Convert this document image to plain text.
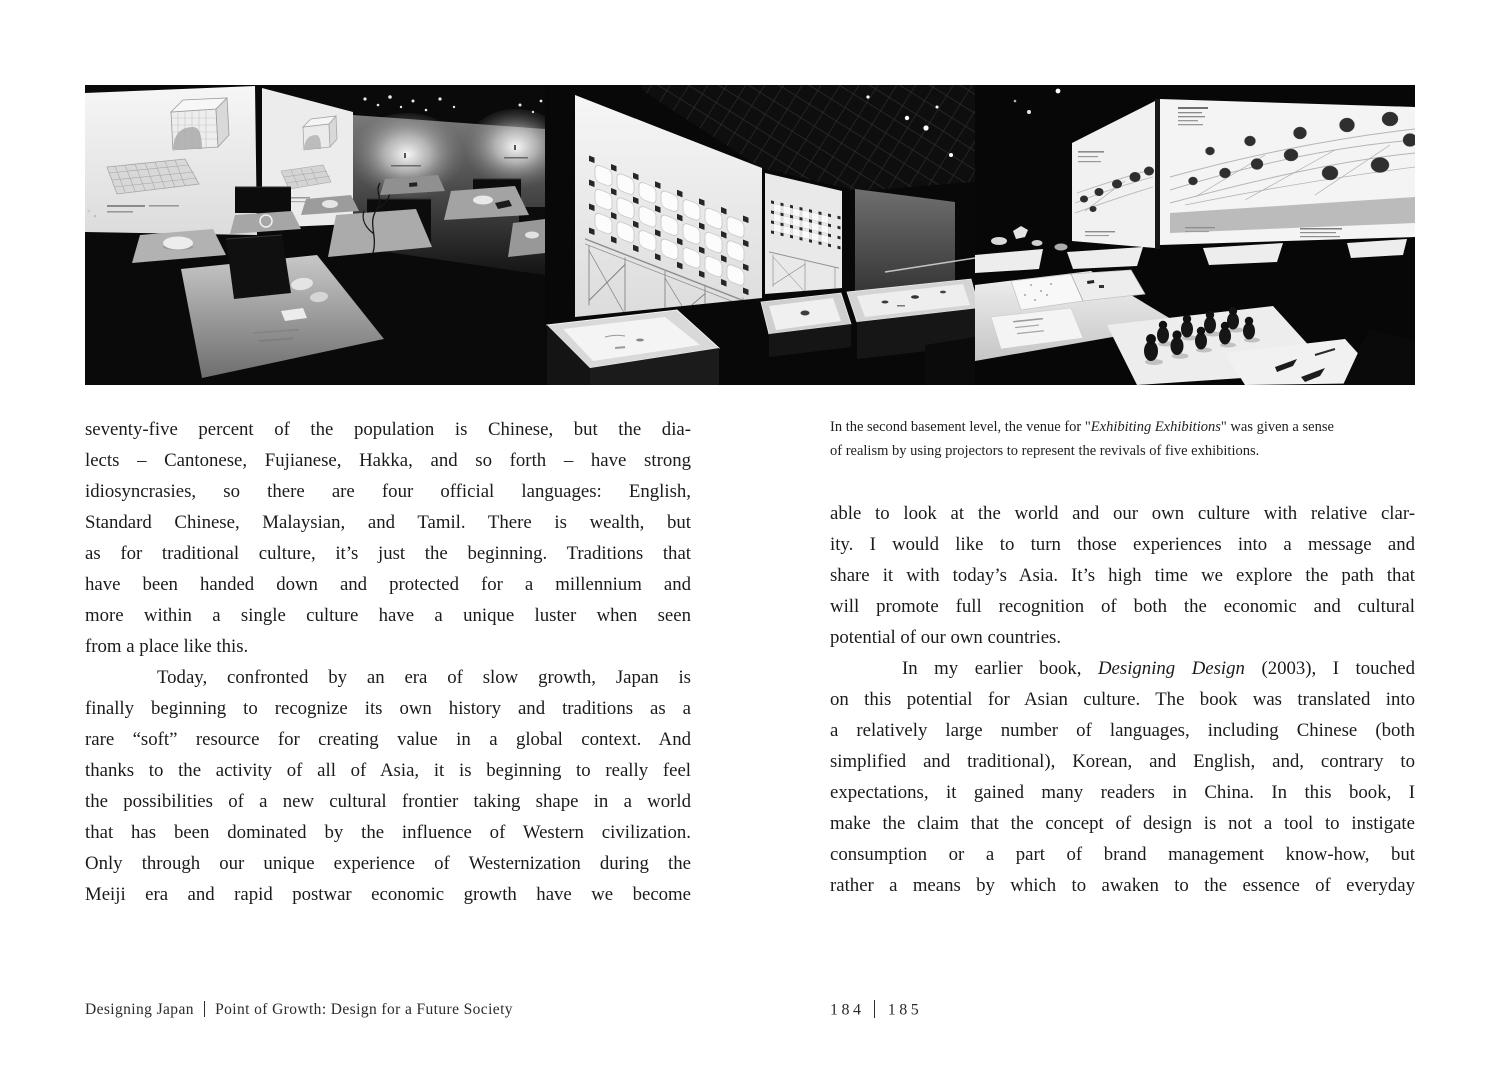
In the second basement level, the venue for "Exhibiting Exhibitions" was given a sense
of realism by using projectors to represent the revivals of five exhibitions.
seventy-five percent of the population is Chinese, but the dia-
lects – Cantonese, Fujianese, Hakka, and so forth – have strong
idiosyncrasies, so there are four official languages: English,
Standard Chinese, Malaysian, and Tamil. There is wealth, but
as for traditional culture, it’s just the beginning. Traditions that
have been handed down and protected for a millennium and
more within a single culture have a unique luster when seen
from a place like this.
Today, confronted by an era of slow growth, Japan is
finally beginning to recognize its own history and traditions as a
rare “soft” resource for creating value in a global context. And
thanks to the activity of all of Asia, it is beginning to really feel
the possibilities of a new cultural frontier taking shape in a world
that has been dominated by the influence of Western civilization.
Only through our unique experience of Westernization during the
Meiji era and rapid postwar economic growth have we become
able to look at the world and our own culture with relative clar-
ity. I would like to turn those experiences into a message and
share it with today’s Asia. It’s high time we explore the path that
will promote full recognition of both the economic and cultural
potential of our own countries.
In my earlier book, Designing Design (2003), I touched
on this potential for Asian culture. The book was translated into
a relatively large number of languages, including Chinese (both
simplified and traditional), Korean, and English, and, contrary to
expectations, it gained many readers in China. In this book, I
make the claim that the concept of design is not a tool to instigate
consumption or a part of brand management know-how, but
rather a means by which to awaken to the essence of everyday
Designing Japan Point of Growth: Design for a Future Society	184 185
